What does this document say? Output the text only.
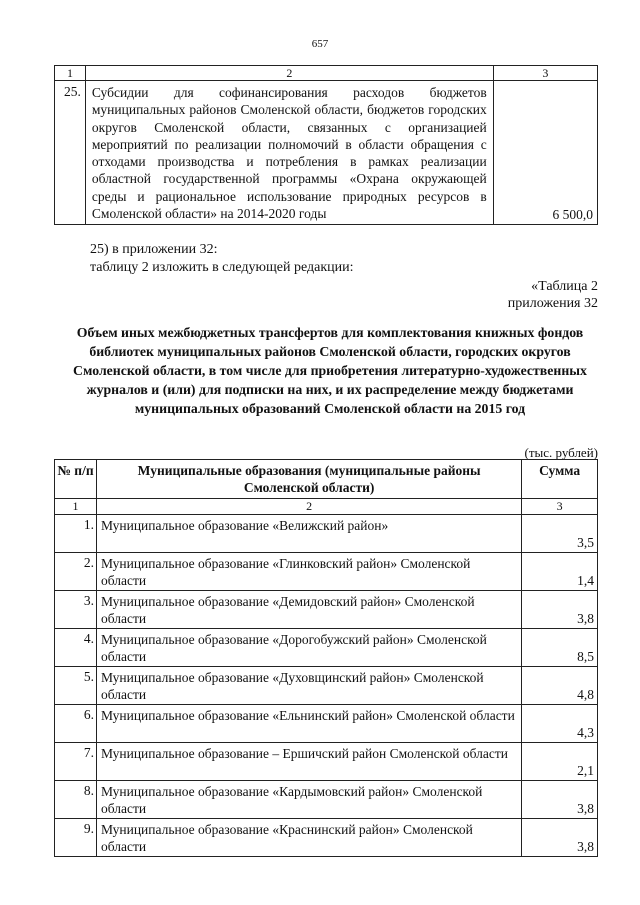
657
1	2	3
25.	Субсидии для софинансирования расходов бюджетов муниципальных районов Смоленской области, бюджетов городских округов Смоленской области, связанных с организацией мероприятий по реализации полномочий в области обращения с отходами производства и потребления в рамках реализации областной государственной программы «Охрана окружающей среды и рациональное использование природных ресурсов в Смоленской области» на 2014-2020 годы	6 500,0
25) в приложении 32:
таблицу 2 изложить в следующей редакции:
«Таблица 2
приложения 32
Объем иных межбюджетных трансфертов для комплектования книжных фондов библиотек муниципальных районов Смоленской области, городских округов Смоленской области, в том числе для приобретения литературно-художественных журналов и (или) для подписки на них, и их распределение между бюджетами муниципальных образований Смоленской области на 2015 год
(тыс. рублей)
№ п/п	Муниципальные образования (муниципальные районы Смоленской области)	Сумма
1	2	3
1.	Муниципальное образование «Велижский район»	3,5
2.	Муниципальное образование «Глинковский район» Смоленской области	1,4
3.	Муниципальное образование «Демидовский район» Смоленской области	3,8
4.	Муниципальное образование «Дорогобужский район» Смоленской области	8,5
5.	Муниципальное образование «Духовщинский район» Смоленской области	4,8
6.	Муниципальное образование «Ельнинский район» Смоленской области	4,3
7.	Муниципальное образование – Ершичский район Смоленской области	2,1
8.	Муниципальное образование «Кардымовский район» Смоленской области	3,8
9.	Муниципальное образование «Краснинский район» Смоленской области	3,8
